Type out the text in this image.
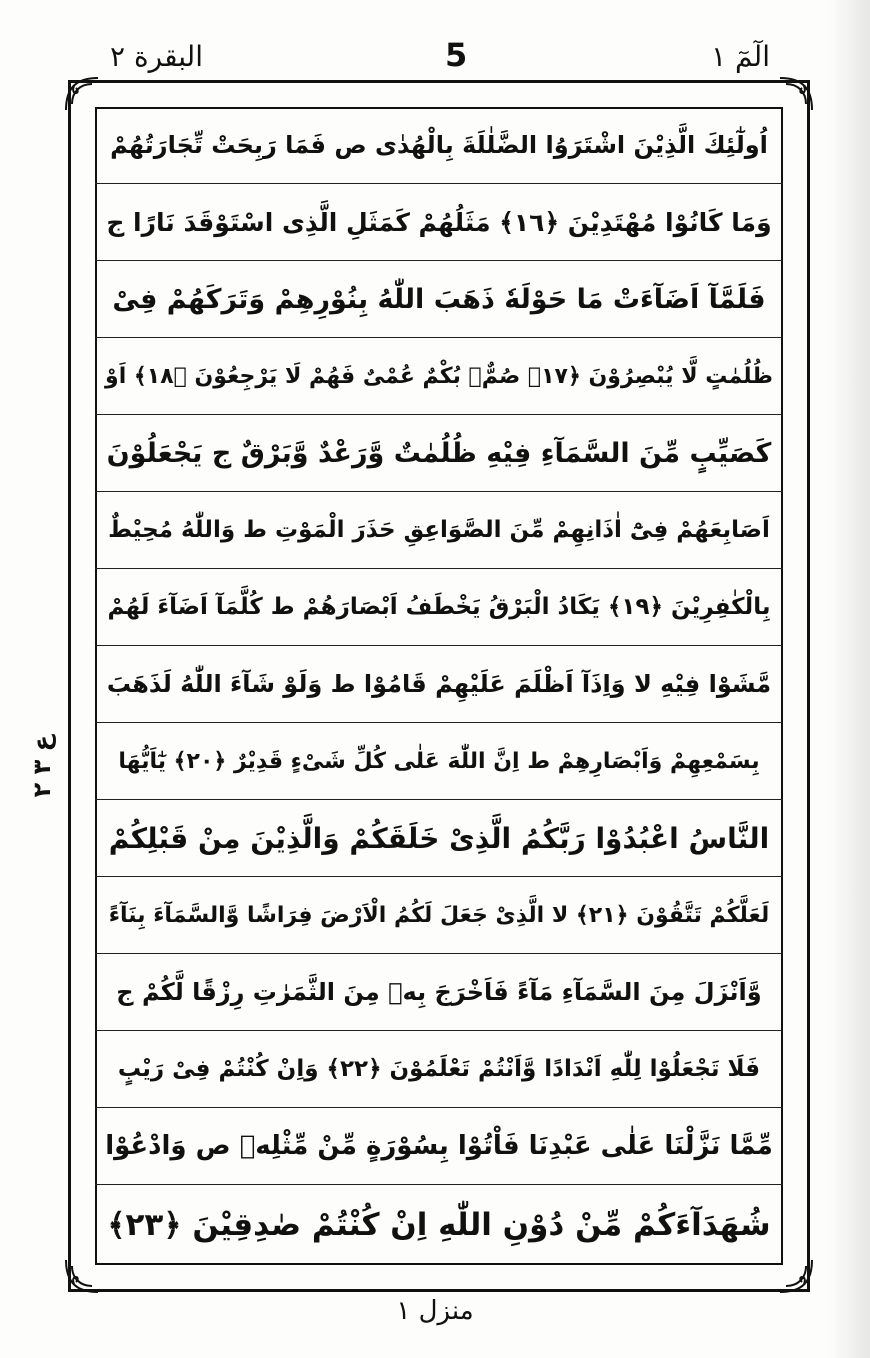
البقرة ٢	5	الٓمٓ ١
ع ٣ ٢
اُولٰٓئِكَ الَّذِيْنَ اشْتَرَوُا الضَّلٰلَةَ بِالْهُدٰى ص فَمَا رَبِحَتْ تِّجَارَتُهُمْ
وَمَا كَانُوْا مُهْتَدِيْنَ ﴿١٦﴾ مَثَلُهُمْ كَمَثَلِ الَّذِى اسْتَوْقَدَ نَارًا ج
فَلَمَّآ اَضَآءَتْ مَا حَوْلَهٗ ذَهَبَ اللّٰهُ بِنُوْرِهِمْ وَتَرَكَهُمْ فِىْ
ظُلُمٰتٍ لَّا يُبْصِرُوْنَ ﴿١٧﴾ صُمٌّۢ بُكْمٌ عُمْىٌ فَهُمْ لَا يَرْجِعُوْنَ ﴿١٨﴾ اَوْ
كَصَيِّبٍ مِّنَ السَّمَآءِ فِيْهِ ظُلُمٰتٌ وَّرَعْدٌ وَّبَرْقٌ ج يَجْعَلُوْنَ
اَصَابِعَهُمْ فِىْٓ اٰذَانِهِمْ مِّنَ الصَّوَاعِقِ حَذَرَ الْمَوْتِ ط وَاللّٰهُ مُحِيْطٌ
بِالْكٰفِرِيْنَ ﴿١٩﴾ يَكَادُ الْبَرْقُ يَخْطَفُ اَبْصَارَهُمْ ط كُلَّمَآ اَضَآءَ لَهُمْ
مَّشَوْا فِيْهِ لا وَاِذَآ اَظْلَمَ عَلَيْهِمْ قَامُوْا ط وَلَوْ شَآءَ اللّٰهُ لَذَهَبَ
بِسَمْعِهِمْ وَاَبْصَارِهِمْ ط اِنَّ اللّٰهَ عَلٰى كُلِّ شَىْءٍ قَدِيْرٌ ﴿٢٠﴾ يٰٓاَيُّهَا
النَّاسُ اعْبُدُوْا رَبَّكُمُ الَّذِىْ خَلَقَكُمْ وَالَّذِيْنَ مِنْ قَبْلِكُمْ
لَعَلَّكُمْ تَتَّقُوْنَ ﴿٢١﴾ لا الَّذِىْ جَعَلَ لَكُمُ الْاَرْضَ فِرَاشًا وَّالسَّمَآءَ بِنَآءً
وَّاَنْزَلَ مِنَ السَّمَآءِ مَآءً فَاَخْرَجَ بِهٖ مِنَ الثَّمَرٰتِ رِزْقًا لَّكُمْ ج
فَلَا تَجْعَلُوْا لِلّٰهِ اَنْدَادًا وَّاَنْتُمْ تَعْلَمُوْنَ ﴿٢٢﴾ وَاِنْ كُنْتُمْ فِىْ رَيْبٍ
مِّمَّا نَزَّلْنَا عَلٰى عَبْدِنَا فَاْتُوْا بِسُوْرَةٍ مِّنْ مِّثْلِهٖ ص وَادْعُوْا
شُهَدَآءَكُمْ مِّنْ دُوْنِ اللّٰهِ اِنْ كُنْتُمْ صٰدِقِيْنَ ﴿٢٣﴾
منزل ١
